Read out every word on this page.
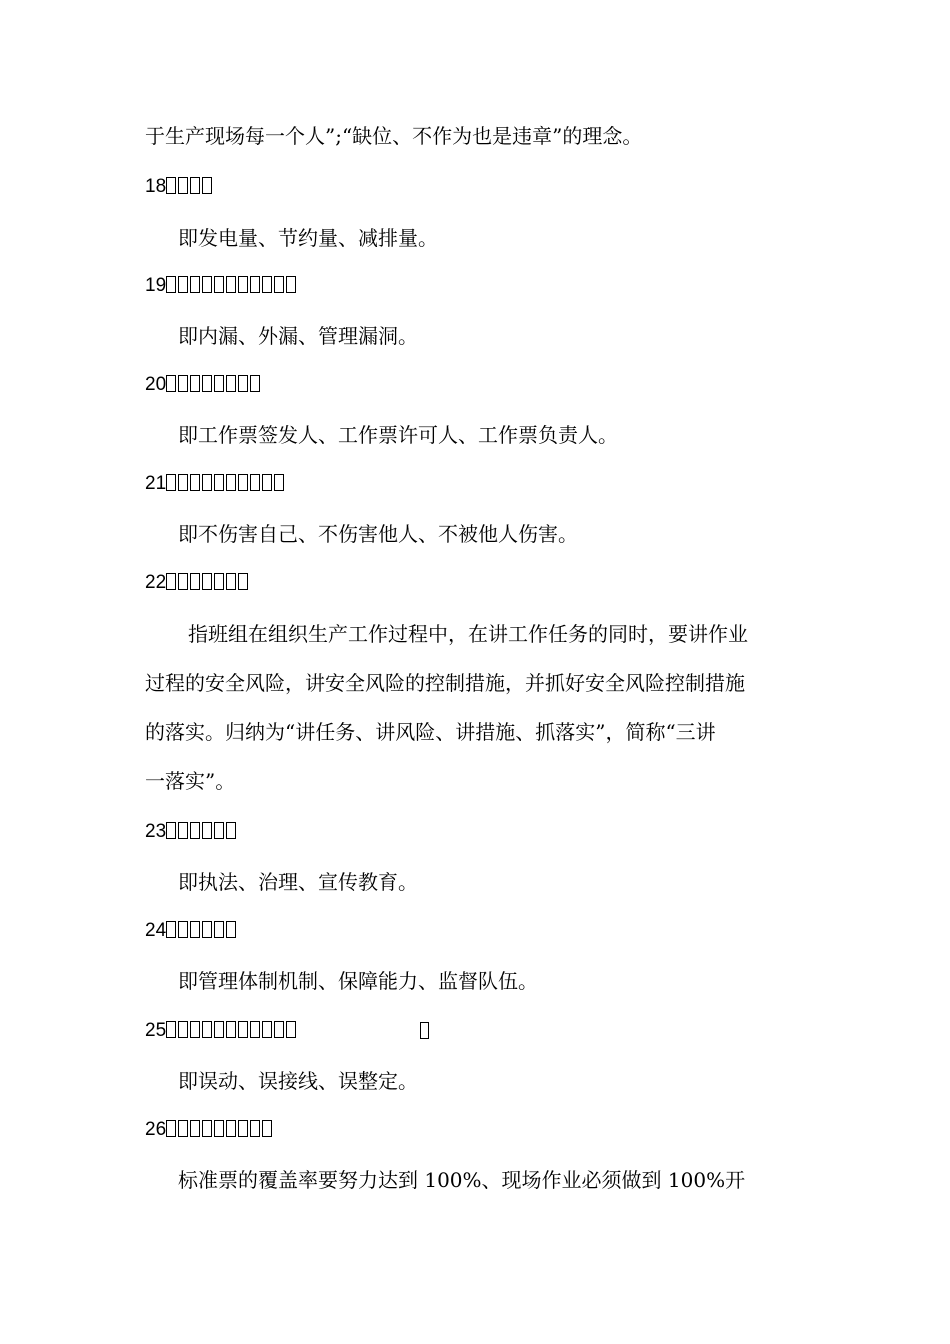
于生产现场每一个人”;“缺位、不作为也是违章”的理念。
18
即发电量、节约量、减排量。
19
即内漏、外漏、管理漏洞。
20
即工作票签发人、工作票许可人、工作票负责人。
21
即不伤害自己、不伤害他人、不被他人伤害。
22
指班组在组织生产工作过程中，在讲工作任务的同时，要讲作业
过程的安全风险，讲安全风险的控制措施，并抓好安全风险控制措施
的落实。归纳为“讲任务、讲风险、讲措施、抓落实”，简称“三讲
一落实”。
23
即执法、治理、宣传教育。
24
即管理体制机制、保障能力、监督队伍。
25
即误动、误接线、误整定。
26
标准票的覆盖率要努力达到 100%、现场作业必须做到 100%开
